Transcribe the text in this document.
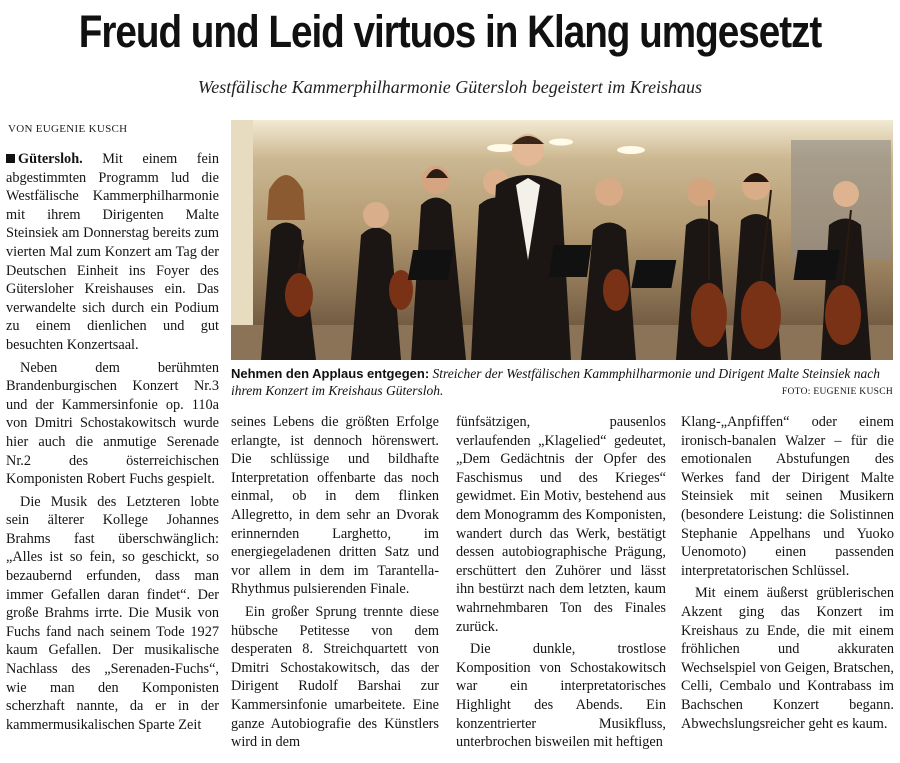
Freud und Leid virtuos in Klang umgesetzt
Westfälische Kammerphilharmonie Gütersloh begeistert im Kreishaus
VON EUGENIE KUSCH
Nehmen den Applaus entgegen: Streicher der Westfälischen Kammphilharmonie und Dirigent Malte Steinsiek nach ihrem Konzert im Kreishaus Gütersloh.	FOTO: EUGENIE KUSCH

Gütersloh. Mit einem fein abgestimmten Programm lud die Westfälische Kammerphilharmonie mit ihrem Dirigenten Malte Steinsiek am Donnerstag bereits zum vierten Mal zum Konzert am Tag der Deutschen Einheit ins Foyer des Gütersloher Kreishauses ein. Das verwandelte sich durch ein Podium zu einem dienlichen und gut besuchten Konzertsaal.

Neben dem berühmten Brandenburgischen Konzert Nr.3 und der Kammersinfonie op. 110a von Dmitri Schostakowitsch wurde hier auch die anmutige Serenade Nr.2 des österreichischen Komponisten Robert Fuchs gespielt.

Die Musik des Letzteren lobte sein älterer Kollege Johannes Brahms fast überschwänglich: „Alles ist so fein, so geschickt, so bezaubernd erfunden, dass man immer Gefallen daran findet“. Der große Brahms irrte. Die Musik von Fuchs fand nach seinem Tode 1927 kaum Gefallen. Der musikalische Nachlass des „Serenaden-Fuchs“, wie man den Komponisten scherzhaft nannte, da er in der kammermusikalischen Sparte Zeit

seines Lebens die größten Erfolge erlangte, ist dennoch hörenswert. Die schlüssige und bildhafte Interpretation offenbarte das noch einmal, ob in dem flinken Allegretto, in dem sehr an Dvorak erinnernden Larghetto, im energiegeladenen dritten Satz und vor allem in dem im Tarantella-Rhythmus pulsierenden Finale.

Ein großer Sprung trennte diese hübsche Petitesse von dem desperaten 8. Streichquartett von Dmitri Schostakowitsch, das der Dirigent Rudolf Barshai zur Kammersinfonie umarbeitete. Eine ganze Autobiografie des Künstlers wird in dem

fünfsätzigen, pausenlos verlaufenden „Klagelied“ gedeutet, „Dem Gedächtnis der Opfer des Faschismus und des Krieges“ gewidmet. Ein Motiv, bestehend aus dem Monogramm des Komponisten, wandert durch das Werk, bestätigt dessen autobiographische Prägung, erschüttert den Zuhörer und lässt ihn bestürzt nach dem letzten, kaum wahrnehmbaren Ton des Finales zurück.

Die dunkle, trostlose Komposition von Schostakowitsch war ein interpretatorisches Highlight des Abends. Ein konzentrierter Musikfluss, unterbrochen bisweilen mit heftigen

Klang-„Anpfiffen“ oder einem ironisch-banalen Walzer – für die emotionalen Abstufungen des Werkes fand der Dirigent Malte Steinsiek mit seinen Musikern (besondere Leistung: die Solistinnen Stephanie Appelhans und Yuoko Uenomoto) einen passenden interpretatorischen Schlüssel.

Mit einem äußerst grüblerischen Akzent ging das Konzert im Kreishaus zu Ende, die mit einem fröhlichen und akkuraten Wechselspiel von Geigen, Bratschen, Celli, Cembalo und Kontrabass im Bachschen Konzert begann. Abwechslungsreicher geht es kaum.
